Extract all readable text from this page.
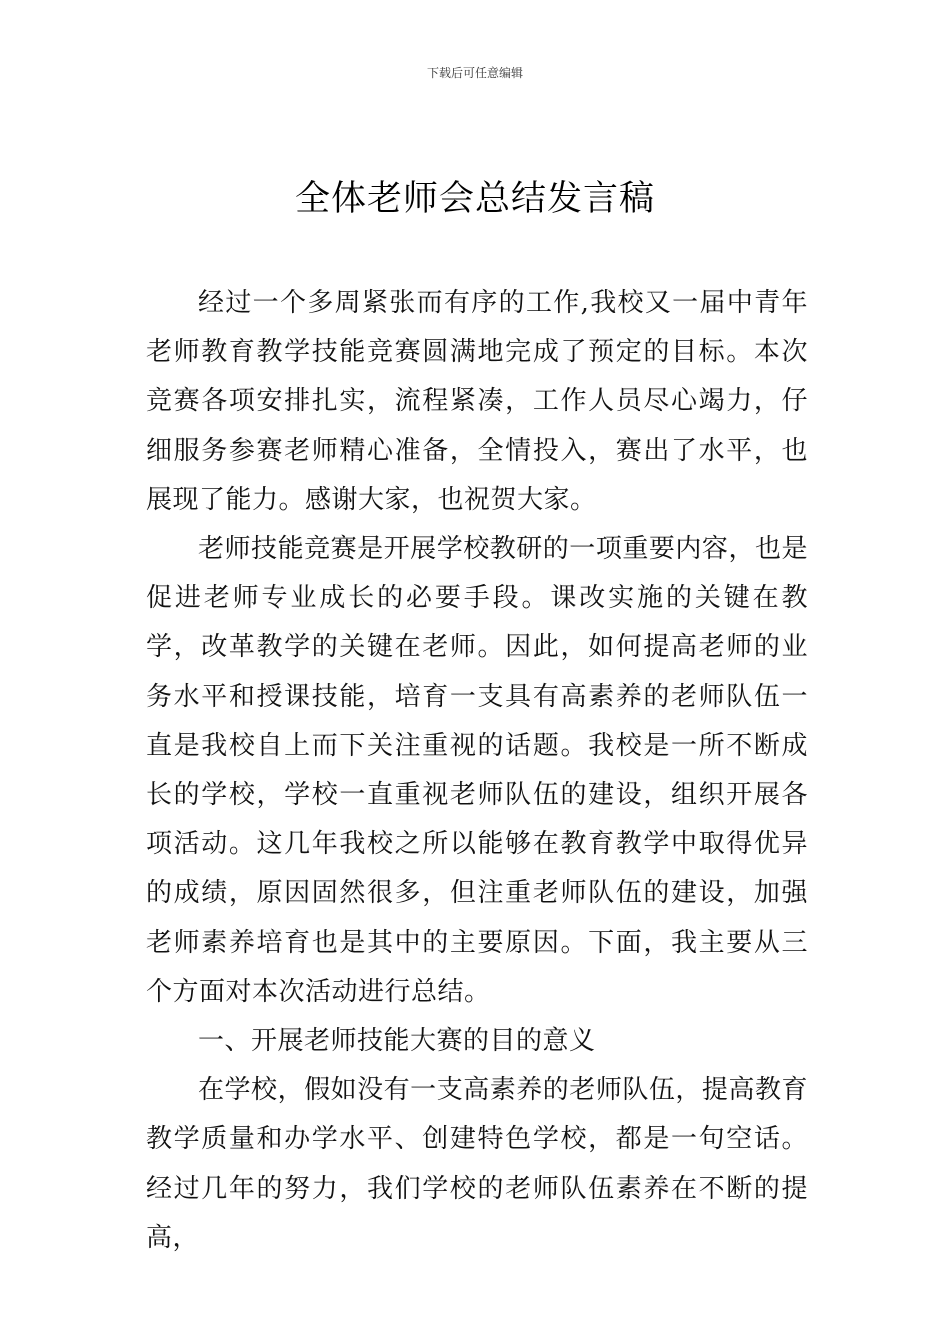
下载后可任意编辑
全体老师会总结发言稿

经过一个多周紧张而有序的工作,我校又一届中青年老师教育教学技能竞赛圆满地完成了预定的目标。本次竞赛各项安排扎实，流程紧凑，工作人员尽心竭力，仔细服务参赛老师精心准备，全情投入，赛出了水平，也展现了能力。感谢大家，也祝贺大家。

老师技能竞赛是开展学校教研的一项重要内容，也是促进老师专业成长的必要手段。课改实施的关键在教学，改革教学的关键在老师。因此，如何提高老师的业务水平和授课技能，培育一支具有高素养的老师队伍一直是我校自上而下关注重视的话题。我校是一所不断成长的学校，学校一直重视老师队伍的建设，组织开展各项活动。这几年我校之所以能够在教育教学中取得优异的成绩，原因固然很多，但注重老师队伍的建设，加强老师素养培育也是其中的主要原因。下面，我主要从三个方面对本次活动进行总结。

一、开展老师技能大赛的目的意义

在学校，假如没有一支高素养的老师队伍，提高教育教学质量和办学水平、创建特色学校，都是一句空话。经过几年的努力，我们学校的老师队伍素养在不断的提高，
